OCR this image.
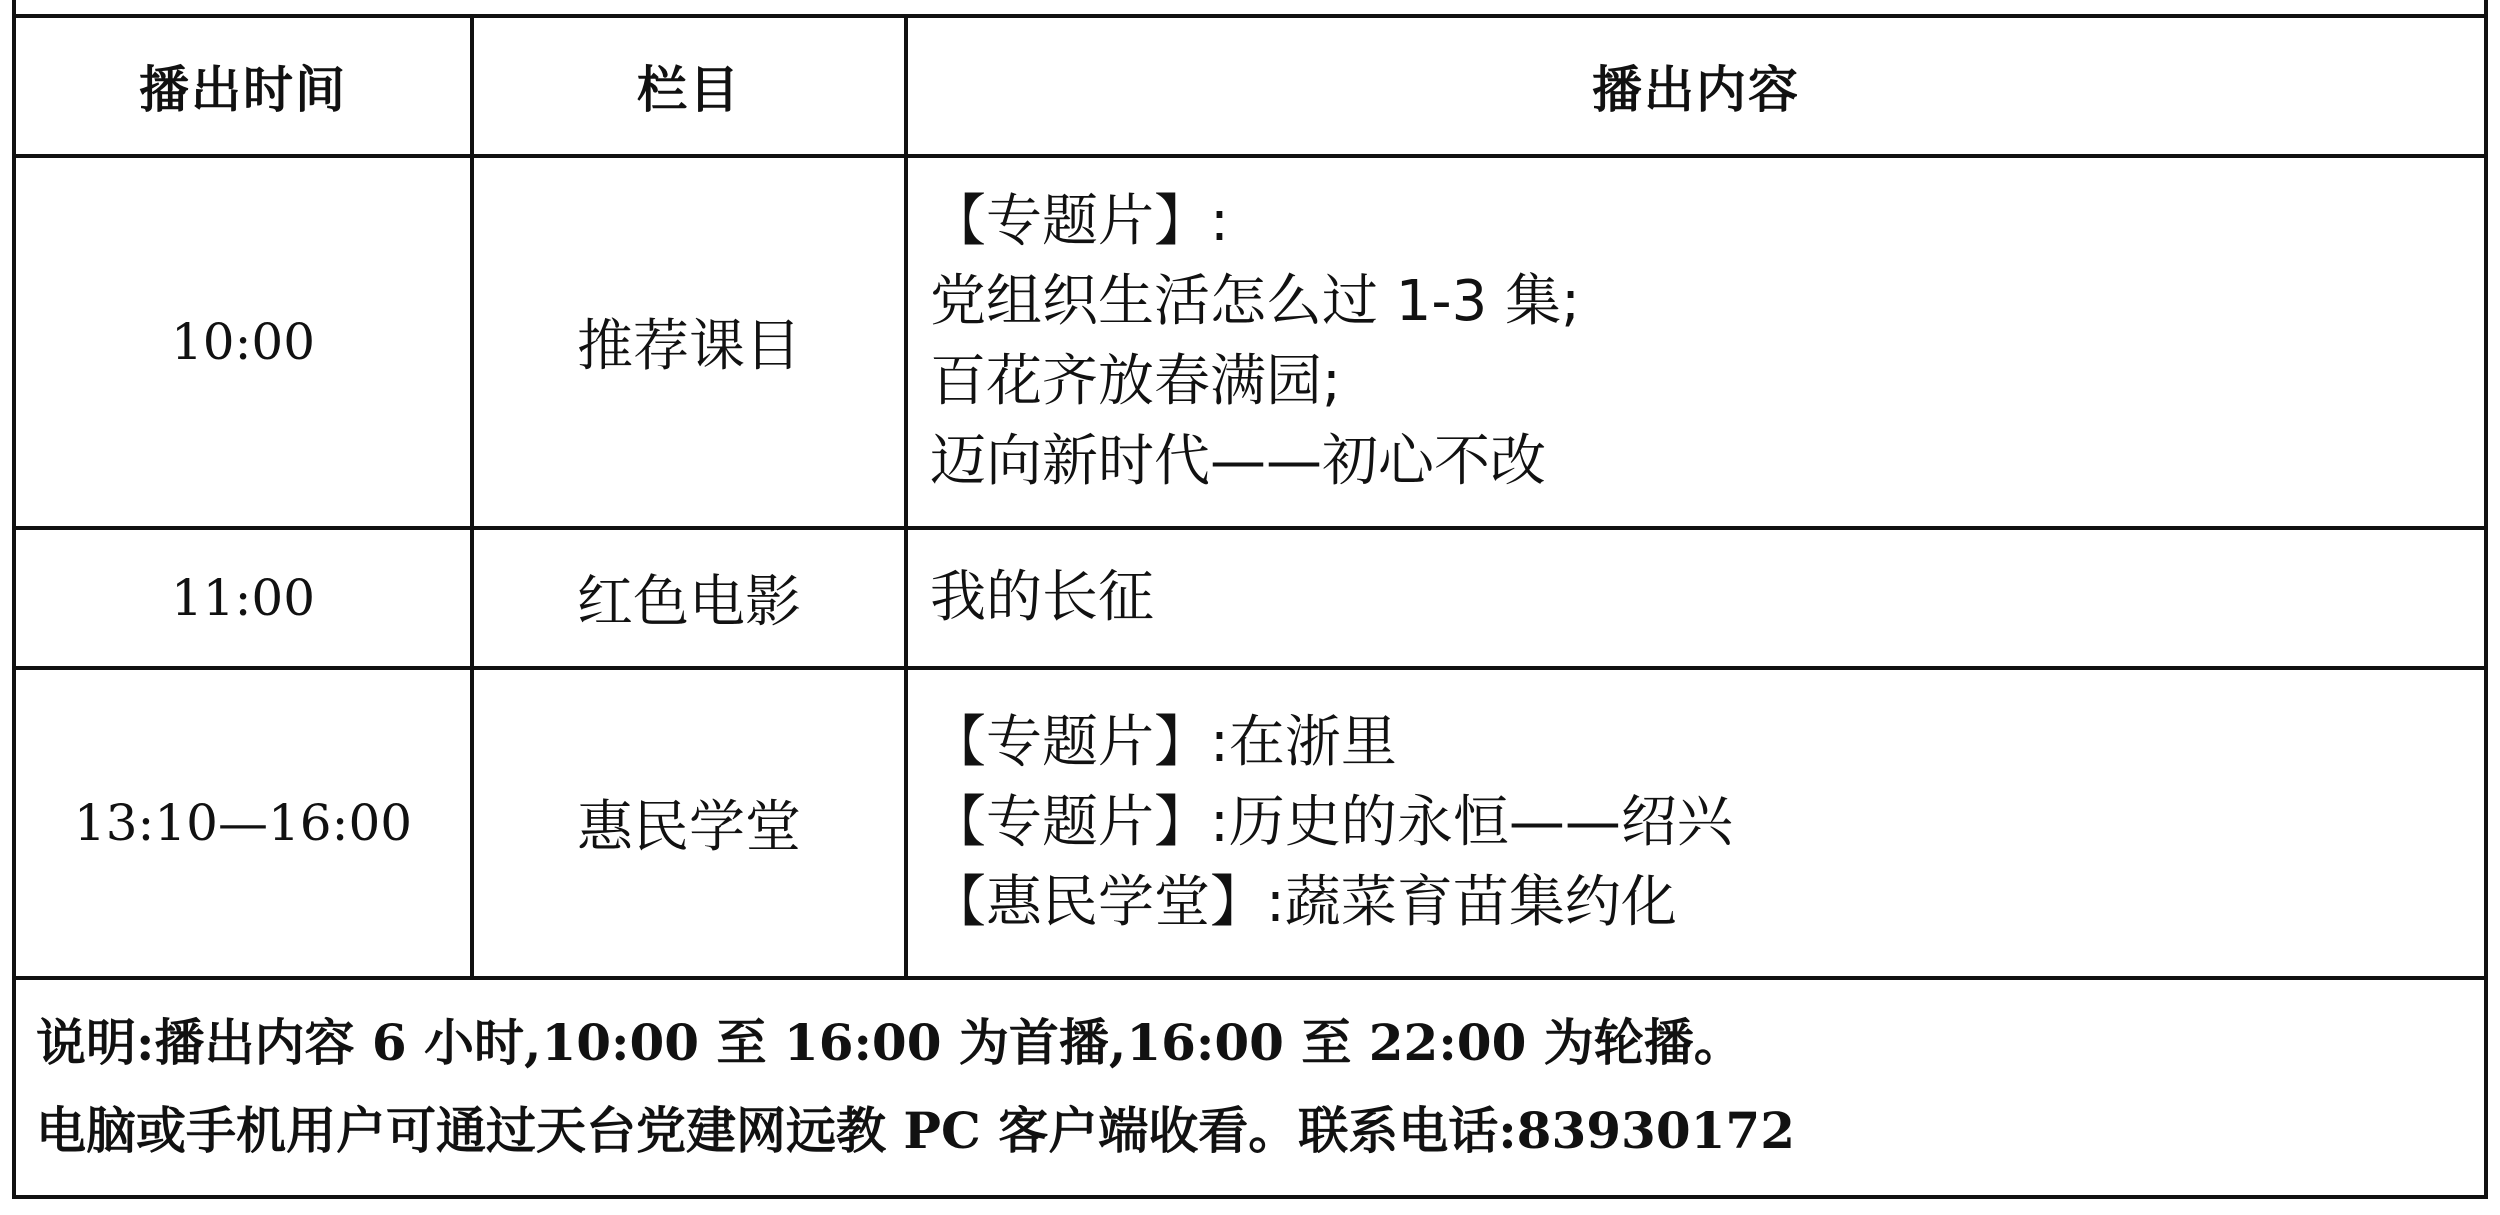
播出时间	栏目	播出内容
10:00	推荐课目	【专题片】:
党组织生活怎么过 1-3 集;
百花齐放春满园;
迈向新时代——初心不改

11:00	红色电影	我的长征

13:10—16:00	惠民学堂	【专题片】:在浙里
【专题片】:历史的永恒——绍兴
【惠民学堂】:蔬菜育苗集约化

说明:播出内容 6 小时,10:00 至 16:00 为首播,16:00 至 22:00 为轮播。
电脑或手机用户可通过天台党建网远教 PC 客户端收看。联系电话:83930172		
